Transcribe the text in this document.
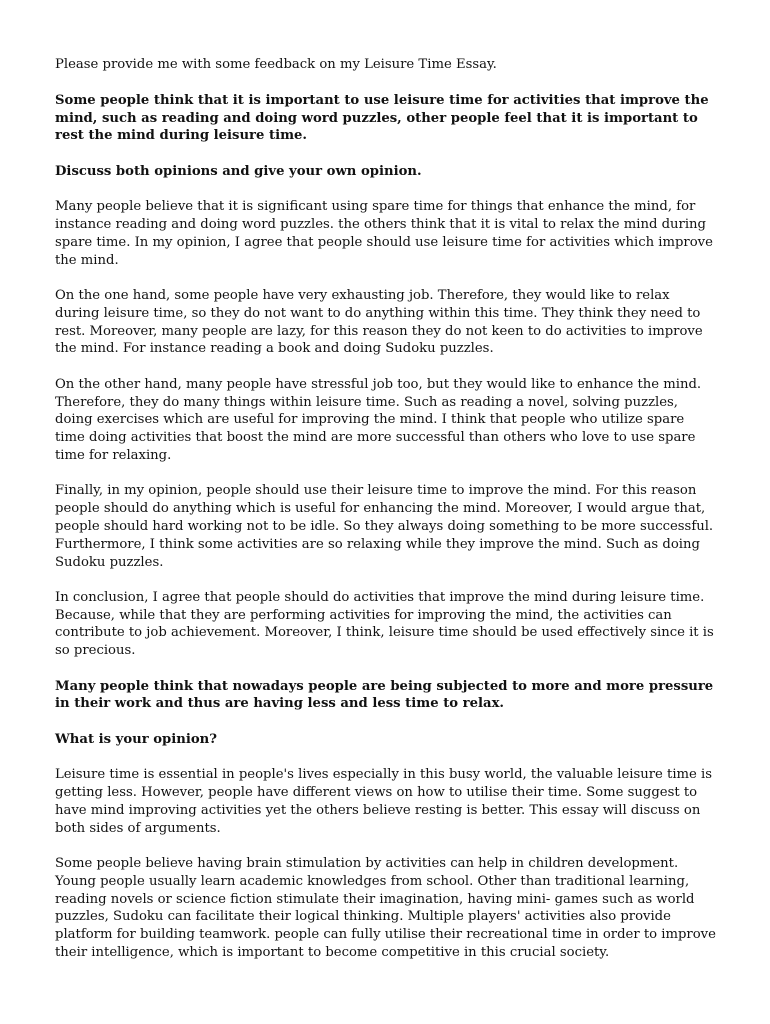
Please provide me with some feedback on my Leisure Time Essay.

Some people think that it is important to use leisure time for activities that improve the mind, such as reading and doing word puzzles, other people feel that it is important to rest the mind during leisure time.

Discuss both opinions and give your own opinion.

Many people believe that it is significant using spare time for things that enhance the mind, for instance reading and doing word puzzles. the others think that it is vital to relax the mind during spare time. In my opinion, I agree that people should use leisure time for activities which improve the mind.

On the one hand, some people have very exhausting job. Therefore, they would like to relax during leisure time, so they do not want to do anything within this time. They think they need to rest. Moreover, many people are lazy, for this reason they do not keen to do activities to improve the mind. For instance reading a book and doing Sudoku puzzles.

On the other hand, many people have stressful job too, but they would like to enhance the mind. Therefore, they do many things within leisure time. Such as reading a novel, solving puzzles, doing exercises which are useful for improving the mind. I think that people who utilize spare time doing activities that boost the mind are more successful than others who love to use spare time for relaxing.

Finally, in my opinion, people should use their leisure time to improve the mind. For this reason people should do anything which is useful for enhancing the mind. Moreover, I would argue that, people should hard working not to be idle. So they always doing something to be more successful. Furthermore, I think some activities are so relaxing while they improve the mind. Such as doing Sudoku puzzles.

In conclusion, I agree that people should do activities that improve the mind during leisure time. Because, while that they are performing activities for improving the mind, the activities can contribute to job achievement. Moreover, I think, leisure time should be used effectively since it is so precious.

Many people think that nowadays people are being subjected to more and more pressure in their work and thus are having less and less time to relax.

What is your opinion?

Leisure time is essential in people's lives especially in this busy world, the valuable leisure time is getting less. However, people have different views on how to utilise their time. Some suggest to have mind improving activities yet the others believe resting is better. This essay will discuss on both sides of arguments.

Some people believe having brain stimulation by activities can help in children development. Young people usually learn academic knowledges from school. Other than traditional learning, reading novels or science fiction stimulate their imagination, having mini- games such as world puzzles, Sudoku can facilitate their logical thinking. Multiple players' activities also provide platform for building teamwork. people can fully utilise their recreational time in order to improve their intelligence, which is important to become competitive in this crucial society.
